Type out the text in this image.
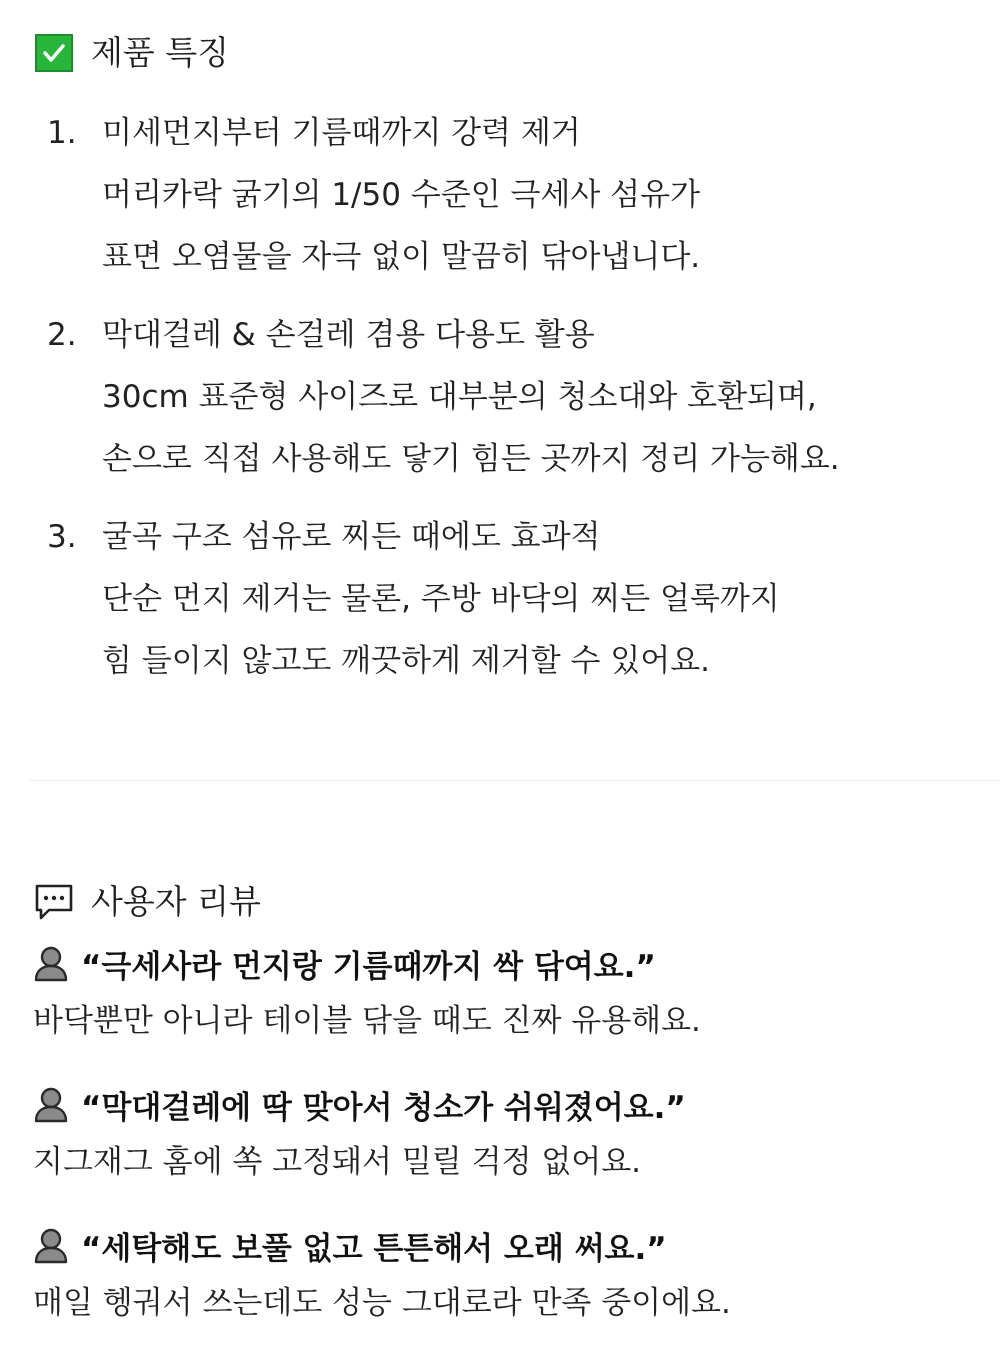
제품 특징
1. 미세먼지부터 기름때까지 강력 제거
머리카락 굵기의 1/50 수준인 극세사 섬유가
표면 오염물을 자극 없이 말끔히 닦아냅니다.
2. 막대걸레 & 손걸레 겸용 다용도 활용
30cm 표준형 사이즈로 대부분의 청소대와 호환되며,
손으로 직접 사용해도 닿기 힘든 곳까지 정리 가능해요.
3. 굴곡 구조 섬유로 찌든 때에도 효과적
단순 먼지 제거는 물론, 주방 바닥의 찌든 얼룩까지
힘 들이지 않고도 깨끗하게 제거할 수 있어요.
사용자 리뷰
“극세사라 먼지랑 기름때까지 싹 닦여요.”
바닥뿐만 아니라 테이블 닦을 때도 진짜 유용해요.
“막대걸레에 딱 맞아서 청소가 쉬워졌어요.”
지그재그 홈에 쏙 고정돼서 밀릴 걱정 없어요.
“세탁해도 보풀 없고 튼튼해서 오래 써요.”
매일 헹궈서 쓰는데도 성능 그대로라 만족 중이에요.
